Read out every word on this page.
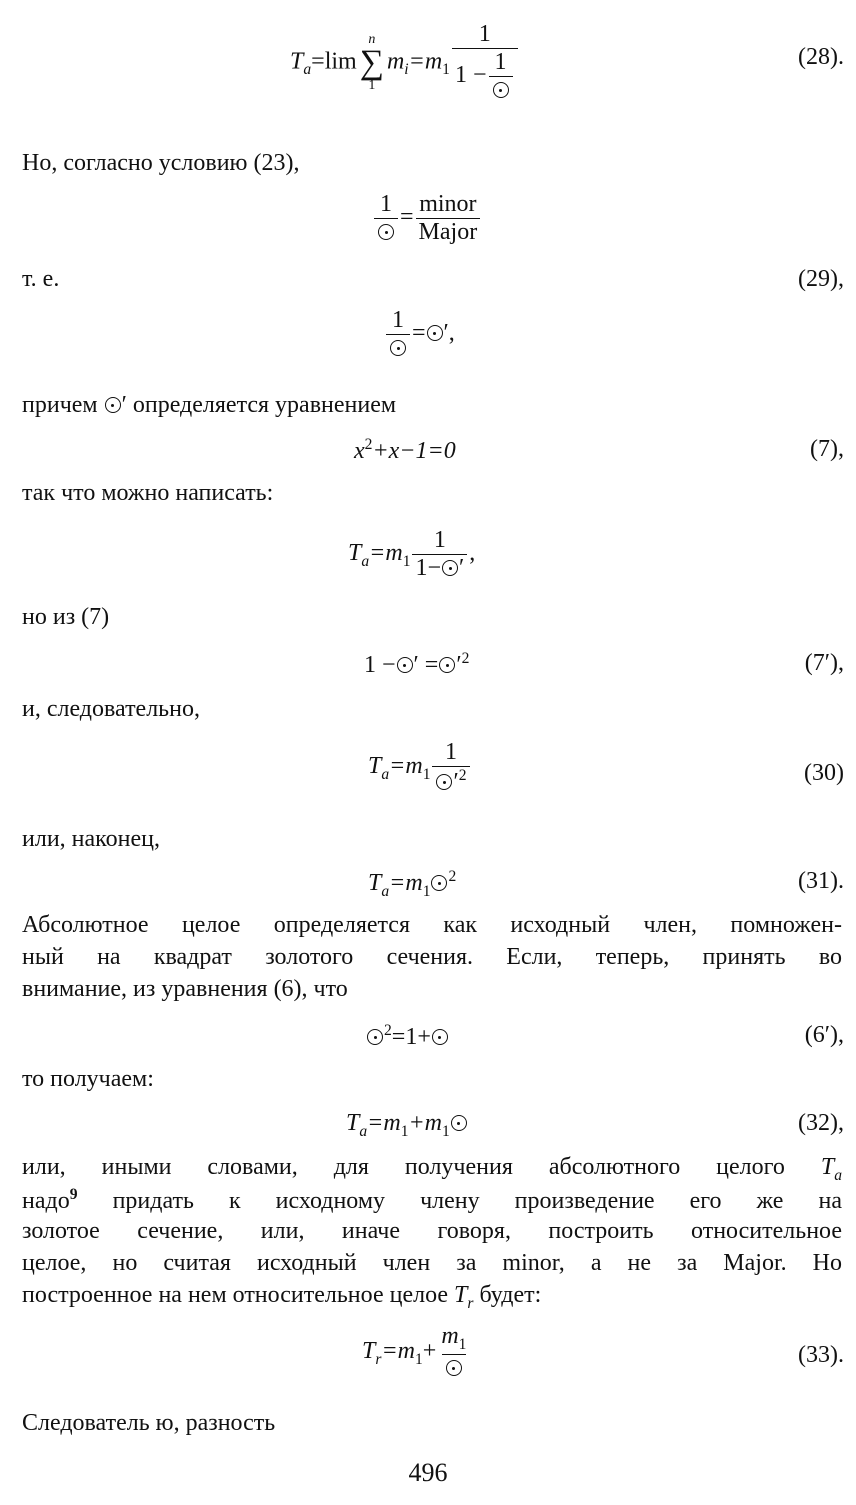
$T_a=\lim$
n
∑
1
$m_i=m_1$ 1
1 −
1	(28).
Но, согласно условию (23),
1
= $\frac{\text{minor}}{\text{Major}}$
т. е.	(29),
1
= ′,
причем ′ определяется уравнением
$x^2+x-1=0$	(7),
так что можно написать:
$T_a=m_1 \frac{1}{1- '}$ ,
но из (7)
1 − ′ = $'^2$	(7′),
и, следовательно,
$T_a=m_1 \frac{1}{'^2}$	(30)
или, наконец,
$T_a=m_1^2$	(31).
Абсолютное целое определяется как исходный член, помножен-
ный на квадрат золотого сечения. Если, теперь, принять во
внимание, из уравнения (6), что
$^2$=1+	(6′),
то получаем:
$T_a=m_1+m_1$	(32),
или, иными словами, для получения абсолютного целого $T_a$
надо$^9$ придать к исходному члену произведение его же на
золотое сечение, или, иначе говоря, построить относительное
целое, но считая исходный член за minor, а не за Major. Но
построенное на нем относительное целое $T_r$ будет:
$T_r=m_1+$
$m_1$	(33).
Следователь ю, разность
496
